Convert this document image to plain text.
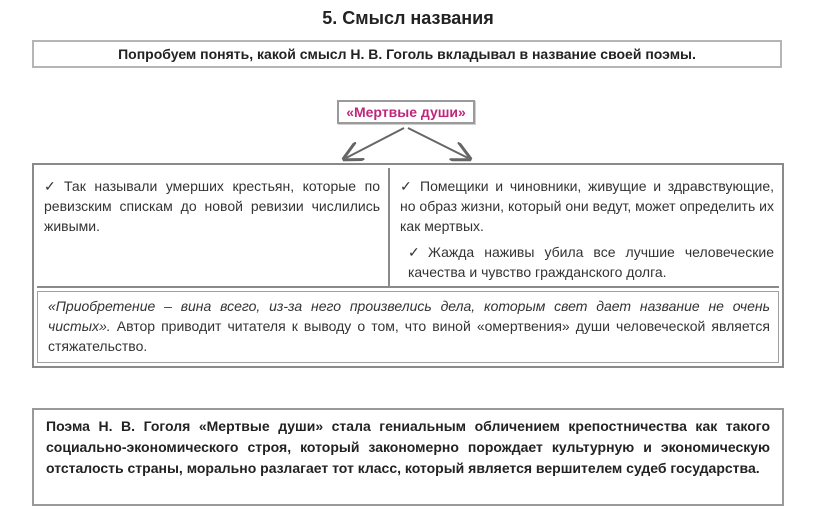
5. Смысл названия
Попробуем понять, какой смысл Н. В. Гоголь вкладывал в название своей поэмы.
«Мертвые души»
✓ Так называли умерших крестьян, которые по ревизским спискам до новой ревизии числились живыми.
✓ Помещики и чиновники, живущие и здравствующие, но образ жизни, который они ведут, может определить их как мертвых.
✓ Жажда наживы убила все лучшие человеческие качества и чувство гражданского долга.
«Приобретение – вина всего, из-за него произвелись дела, которым свет дает название не очень чистых». Автор приводит читателя к выводу о том, что виной «омертвения» души человеческой является стяжательство.
Поэма Н. В. Гоголя «Мертвые души» стала гениальным обличением крепостничества как такого социально-экономического строя, который закономерно порождает культурную и экономическую отсталость страны, морально разлагает тот класс, который является вершителем судеб государства.
